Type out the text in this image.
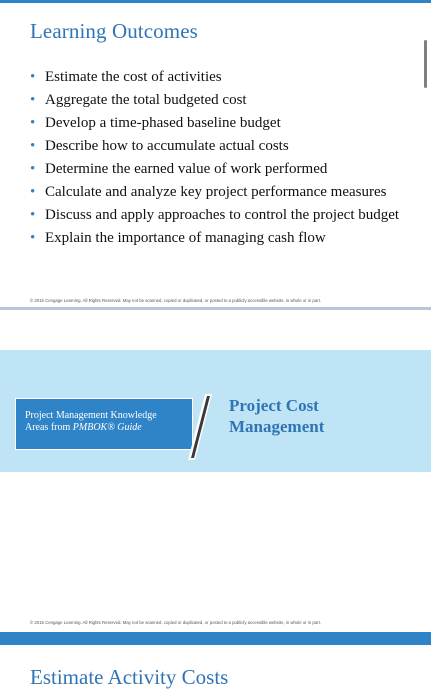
Learning Outcomes
• Estimate the cost of activities
• Aggregate the total budgeted cost
• Develop a time-phased baseline budget
• Describe how to accumulate actual costs
• Determine the earned value of work performed
• Calculate and analyze key project performance measures
• Discuss and apply approaches to control the project budget
• Explain the importance of managing cash flow
© 2015 Cengage Learning. All Rights Reserved. May not be scanned, copied or duplicated, or posted to a publicly accessible website, in whole or in part.
Project Management Knowledge
Areas from PMBOK® Guide
Project Cost
Management
© 2015 Cengage Learning. All Rights Reserved. May not be scanned, copied or duplicated, or posted to a publicly accessible website, in whole or in part.
Estimate Activity Costs
